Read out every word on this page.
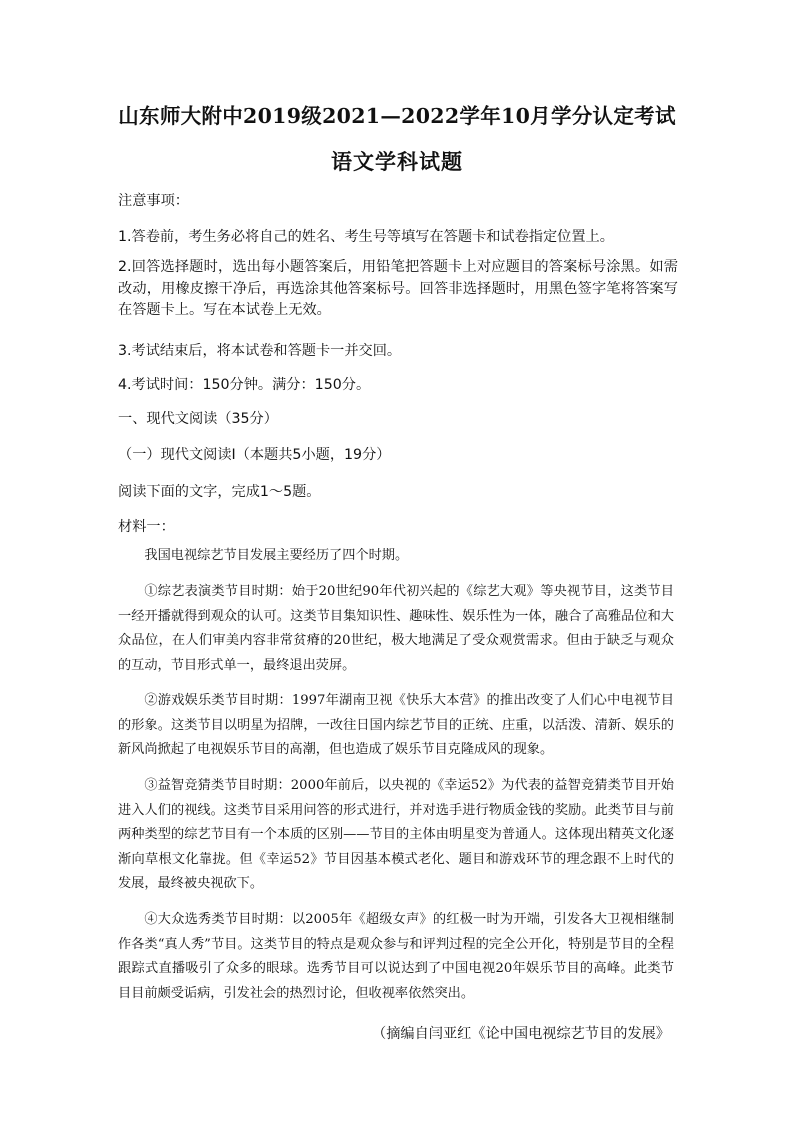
山东师大附中2019级2021—2022学年10月学分认定考试
语文学科试题
注意事项：
1.答卷前，考生务必将自己的姓名、考生号等填写在答题卡和试卷指定位置上。
2.回答选择题时，选出每小题答案后，用铅笔把答题卡上对应题目的答案标号涂黑。如需改动，用橡皮擦干净后，再选涂其他答案标号。回答非选择题时，用黑色签字笔将答案写在答题卡上。写在本试卷上无效。
3.考试结束后，将本试卷和答题卡一并交回。
4.考试时间：150分钟。满分：150分。
一、现代文阅读（35分）
（一）现代文阅读Ⅰ（本题共5小题，19分）
阅读下面的文字，完成1～5题。
材料一：
我国电视综艺节目发展主要经历了四个时期。
①综艺表演类节目时期：始于20世纪90年代初兴起的《综艺大观》等央视节目，这类节目一经开播就得到观众的认可。这类节目集知识性、趣味性、娱乐性为一体，融合了高雅品位和大众品位，在人们审美内容非常贫瘠的20世纪，极大地满足了受众观赏需求。但由于缺乏与观众的互动，节目形式单一，最终退出荧屏。
②游戏娱乐类节目时期：1997年湖南卫视《快乐大本营》的推出改变了人们心中电视节目的形象。这类节目以明星为招牌，一改往日国内综艺节目的正统、庄重，以活泼、清新、娱乐的新风尚掀起了电视娱乐节目的高潮，但也造成了娱乐节目克隆成风的现象。
③益智竞猜类节目时期：2000年前后，以央视的《幸运52》为代表的益智竞猜类节目开始进入人们的视线。这类节目采用问答的形式进行，并对选手进行物质金钱的奖励。此类节目与前两种类型的综艺节目有一个本质的区别——节目的主体由明星变为普通人。这体现出精英文化逐渐向草根文化靠拢。但《幸运52》节目因基本模式老化、题目和游戏环节的理念跟不上时代的发展，最终被央视砍下。
④大众选秀类节目时期：以2005年《超级女声》的红极一时为开端，引发各大卫视相继制作各类“真人秀”节目。这类节目的特点是观众参与和评判过程的完全公开化，特别是节目的全程跟踪式直播吸引了众多的眼球。选秀节目可以说达到了中国电视20年娱乐节目的高峰。此类节目目前颇受诟病，引发社会的热烈讨论，但收视率依然突出。
（摘编自闫亚红《论中国电视综艺节目的发展》
